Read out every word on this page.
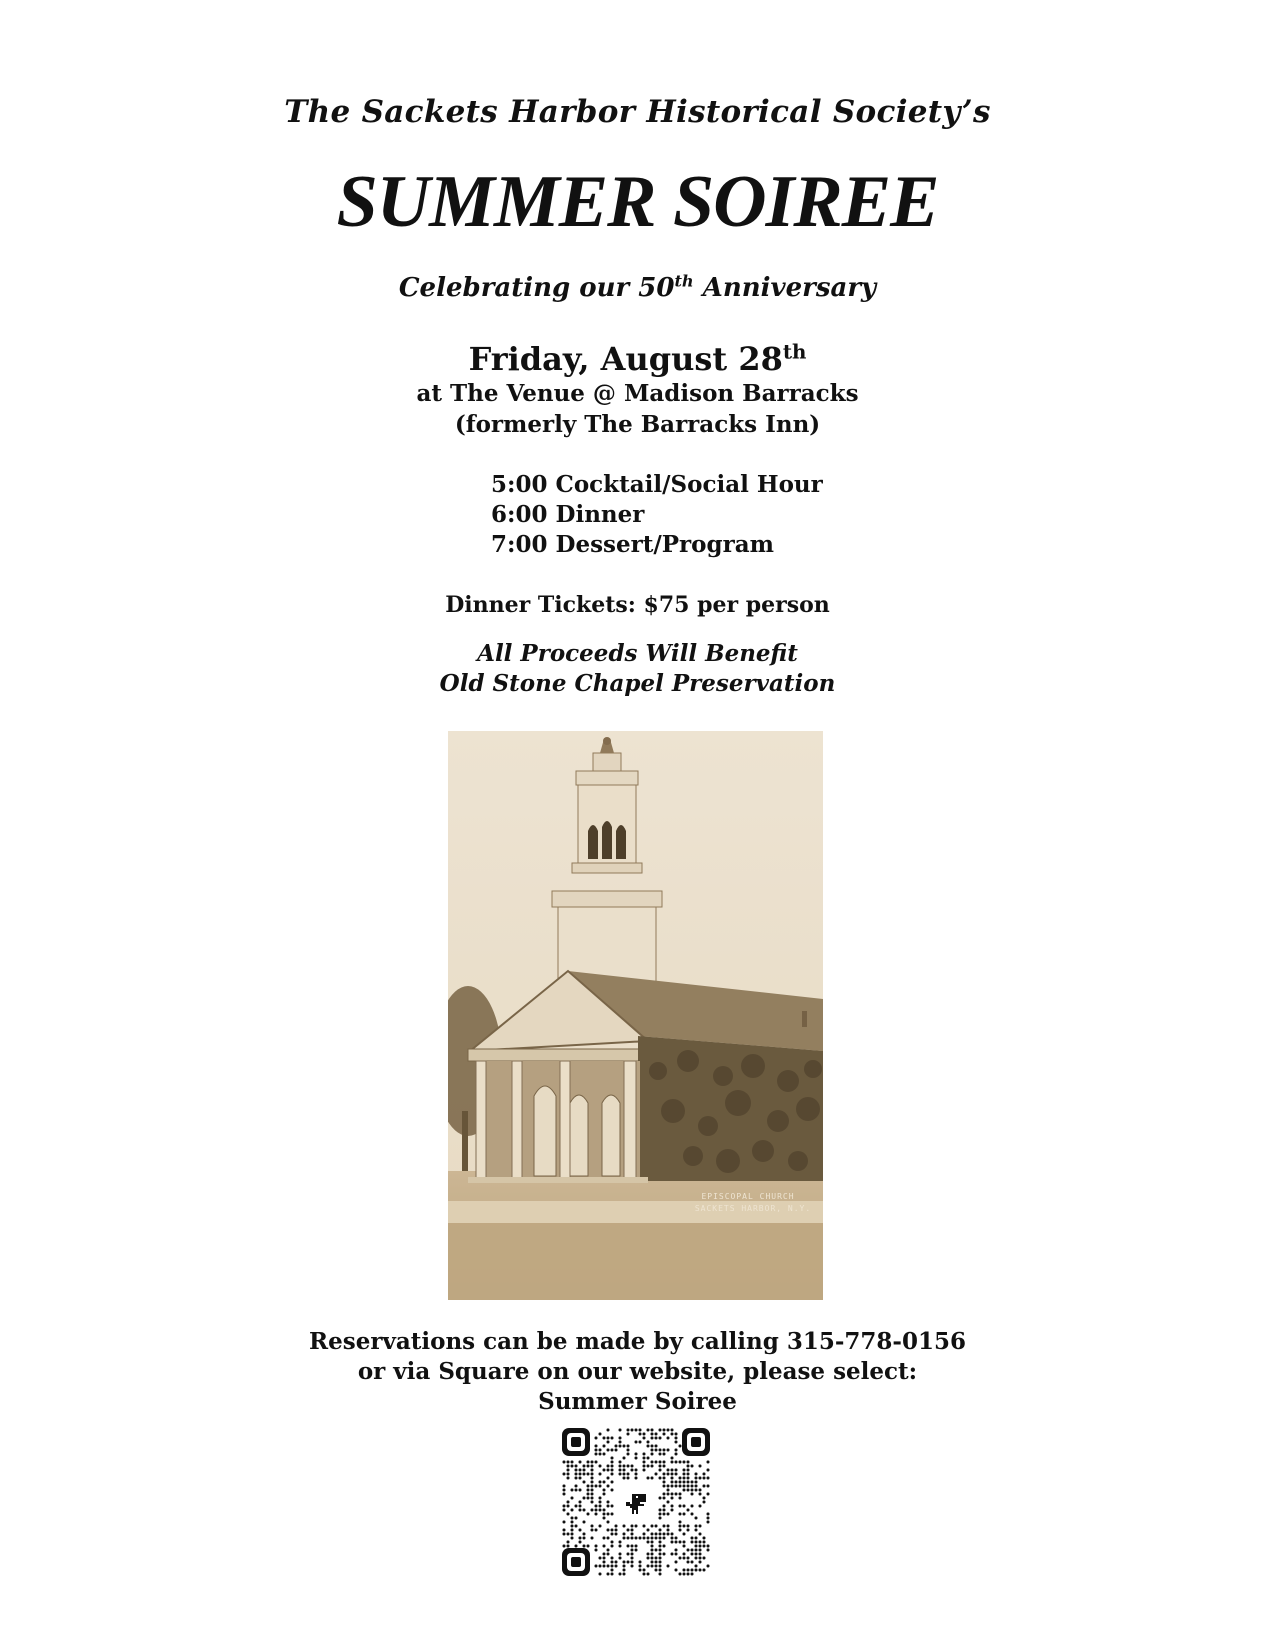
The Sackets Harbor Historical Society’s
SUMMER SOIREE
Celebrating our 50th Anniversary
Friday, August 28th
at The Venue @ Madison Barracks
(formerly The Barracks Inn)
5:00 Cocktail/Social Hour
6:00 Dinner
7:00 Dessert/Program
Dinner Tickets: $75 per person
All Proceeds Will Benefit
Old Stone Chapel Preservation
EPISCOPAL CHURCH
SACKETS HARBOR, N.Y.
Reservations can be made by calling 315-778-0156
or via Square on our website, please select:
Summer Soiree
